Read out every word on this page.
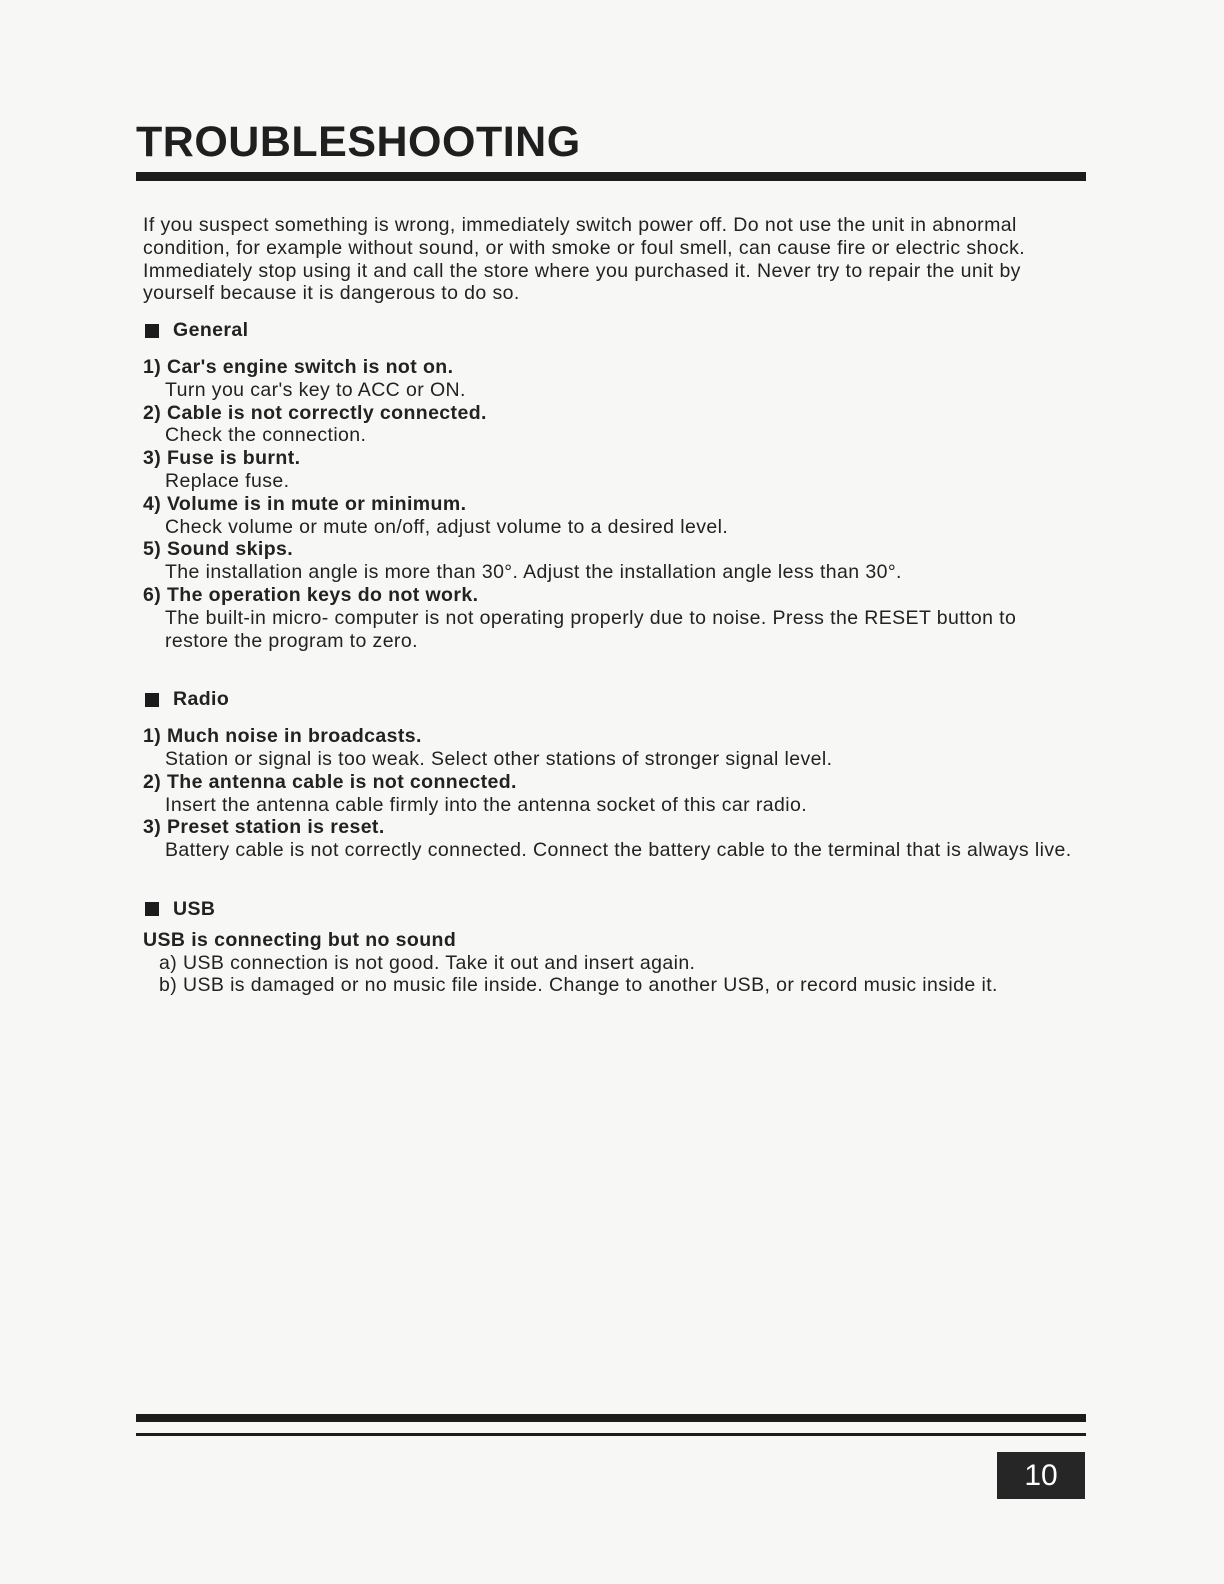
TROUBLESHOOTING

If you suspect something is wrong, immediately switch power off. Do not use the unit in abnormal condition, for example without sound, or with smoke or foul smell, can cause fire or electric shock.

Immediately stop using it and call the store where you purchased it. Never try to repair the unit by yourself because it is dangerous to do so.

General
1) Car's engine switch is not on.
Turn you car's key to ACC or ON.
2) Cable is not correctly connected.
Check the connection.
3) Fuse is burnt.
Replace fuse.
4) Volume is in mute or minimum.
Check volume or mute on/off, adjust volume to a desired level.
5) Sound skips.
The installation angle is more than 30°. Adjust the installation angle less than 30°.
6) The operation keys do not work.
The built-in micro- computer is not operating properly due to noise. Press the RESET button to restore the program to zero.
Radio
1) Much noise in broadcasts.
Station or signal is too weak. Select other stations of stronger signal level.
2) The antenna cable is not connected.
Insert the antenna cable firmly into the antenna socket of this car radio.
3) Preset station is reset.
Battery cable is not correctly connected. Connect the battery cable to the terminal that is always live.
USB
USB is connecting but no sound
a) USB connection is not good. Take it out and insert again.
b) USB is damaged or no music file inside. Change to another USB, or record music inside it.
10
